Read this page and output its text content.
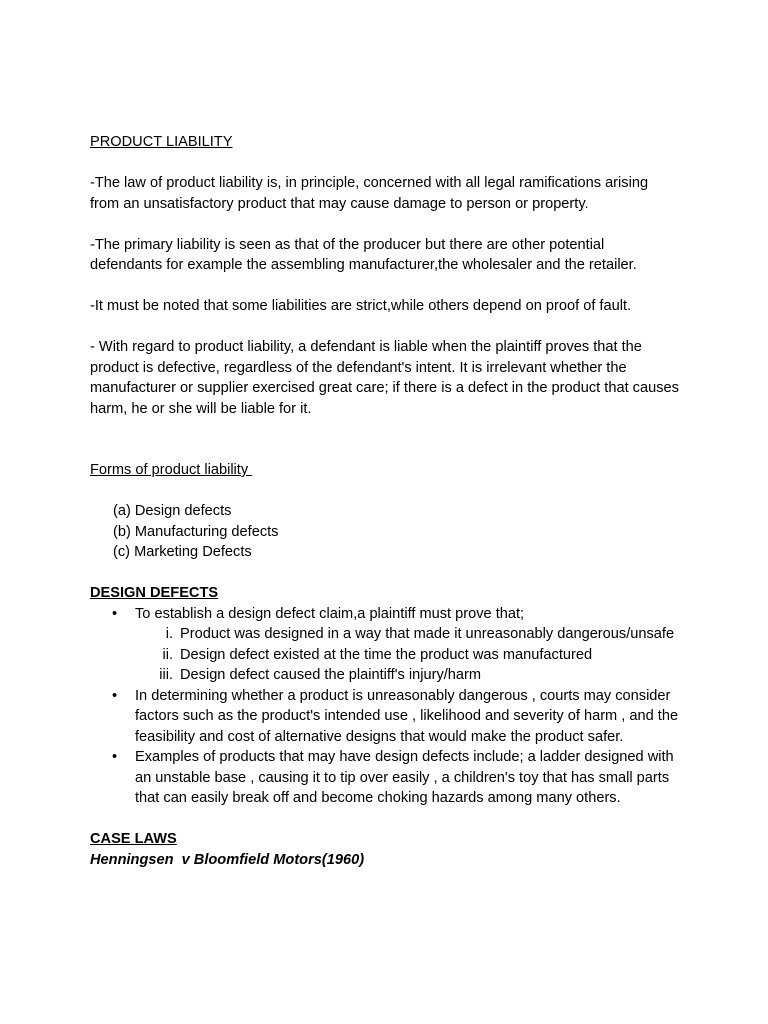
PRODUCT LIABILITY

-The law of product liability is, in principle, concerned with all legal ramifications arising from an unsatisfactory product that may cause damage to person or property.

-The primary liability is seen as that of the producer but there are other potential defendants for example the assembling manufacturer,the wholesaler and the retailer.

-It must be noted that some liabilities are strict,while others depend on proof of fault.

- With regard to product liability, a defendant is liable when the plaintiff proves that the product is defective, regardless of the defendant's intent. It is irrelevant whether the manufacturer or supplier exercised great care; if there is a defect in the product that causes harm, he or she will be liable for it.

Forms of product liability

(a) Design defects
(b) Manufacturing defects
(c) Marketing Defects
DESIGN DEFECTS
• To establish a design defect claim,a plaintiff must prove that;
i. Product was designed in a way that made it unreasonably dangerous/unsafe
ii. Design defect existed at the time the product was manufactured
iii. Design defect caused the plaintiff's injury/harm
• In determining whether a product is unreasonably dangerous , courts may consider factors such as the product's intended use , likelihood and severity of harm , and the feasibility and cost of alternative designs that would make the product safer.
• Examples of products that may have design defects include; a ladder designed with an unstable base , causing it to tip over easily , a children's toy that has small parts that can easily break off and become choking hazards among many others.
CASE LAWS

Henningsen  v Bloomfield Motors(1960)
